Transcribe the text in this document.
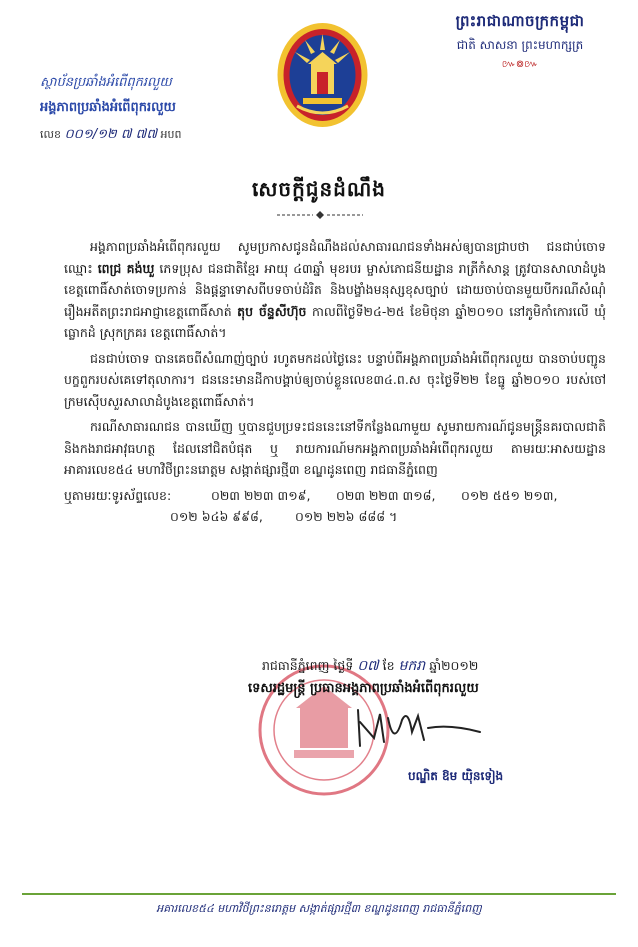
ព្រះរាជាណាចក្រកម្ពុជា
ជាតិ សាសនា ព្រះមហាក្សត្រ
៚៙៚
ស្ថាប័នប្រឆាំងអំពើពុករលួយ
អង្គភាពប្រឆាំងអំពើពុករលួយ
លេខ ០០១/១២ ៧ ៧៧ អបព
សេចក្តីជូនដំណឹង

អង្គភាពប្រឆាំងអំពើពុករលួយ សូមប្រកាសជូនដំណឹងដល់សាធារណជនទាំងអស់ឲ្យបានជ្រាបថា ជនជាប់ចោទឈ្មោះ ពេជ្រ គង់ឃួ ភេទប្រុស ជនជាតិខ្មែរ អាយុ ៤៣ឆ្នាំ មុខរបរ ម្ចាស់ភោជនីយដ្ឋាន រាត្រីកំសាន្ត ត្រូវបានសាលាដំបូងខេត្តពោធិ៍សាត់ចោទប្រកាន់ និងផ្តន្ទាទោសពីបទចាប់ដំរិត និងបង្ខាំងមនុស្សខុសច្បាប់ ដោយចាប់បានមួយបីករណីសំណុំរឿងអតីតព្រះរាជអាជ្ញាខេត្តពោធិ៍សាត់ តុប ច័ន្ទសីហ៊ុច កាលពីថ្ងៃទី២៤-២៥ ខែមិថុនា ឆ្នាំ២០១០ នៅភូមិកាំកោរលើ ឃុំធ្លោកដំ ស្រុកក្រគរ ខេត្តពោធិ៍សាត់។

ជនជាប់ចោទ បានគេចពីសំណាញ់ច្បាប់ រហូតមកដល់ថ្ងៃនេះ បន្ទាប់ពីអង្គភាពប្រឆាំងអំពើពុករលួយ បានចាប់បញ្ជូនបក្ខពួករបស់គេទៅតុលាការ។ ជននេះមានដីកាបង្គាប់ឲ្យចាប់ខ្លួនលេខ៣៤.ព.ស ចុះថ្ងៃទី២២ ខែធ្នូ ឆ្នាំ២០១០ របស់ចៅក្រមស៊ើបសួរសាលាដំបូងខេត្តពោធិ៍សាត់។

ករណីសាធារណជន បានឃើញ ឬបានជួបប្រទះជននេះនៅទីកន្លែងណាមួយ សូមរាយការណ៍ជូនមន្ត្រីនគរបាលជាតិ និងកងរាជអាវុធហត្ថ ដែលនៅជិតបំផុត ឬ រាយការណ៍មកអង្គភាពប្រឆាំងអំពើពុករលួយ តាមរយៈអាសយដ្ឋានអាគារលេខ៥៤ មហាវិថីព្រះនរោត្តម សង្កាត់ផ្សារថ្មី៣ ខណ្ឌដូនពេញ រាជធានីភ្នំពេញ

ឬតាមរយៈទូរស័ព្ទលេខ:	០២៣ ២២៣ ៣១៩,	០២៣ ២២៣ ៣១៨,	០១២ ៥៥១ ២១៣,
០១២ ៦៤៦ ៩៩៨,	០១២ ២២៦ ៨៨៨ ។
រាជធានីភ្នំពេញ ថ្ងៃទី ០៧ ខែ មករា ឆ្នាំ២០១២
ទេសរដ្ឋមន្ត្រី ប្រធានអង្គភាពប្រឆាំងអំពើពុករលួយ
បណ្ឌិត ឱម យ៉ិនទៀង
អគារលេខ៥៤ មហាវិថីព្រះនរោត្តម សង្កាត់ផ្សារថ្មី៣ ខណ្ឌដូនពេញ រាជធានីភ្នំពេញ
